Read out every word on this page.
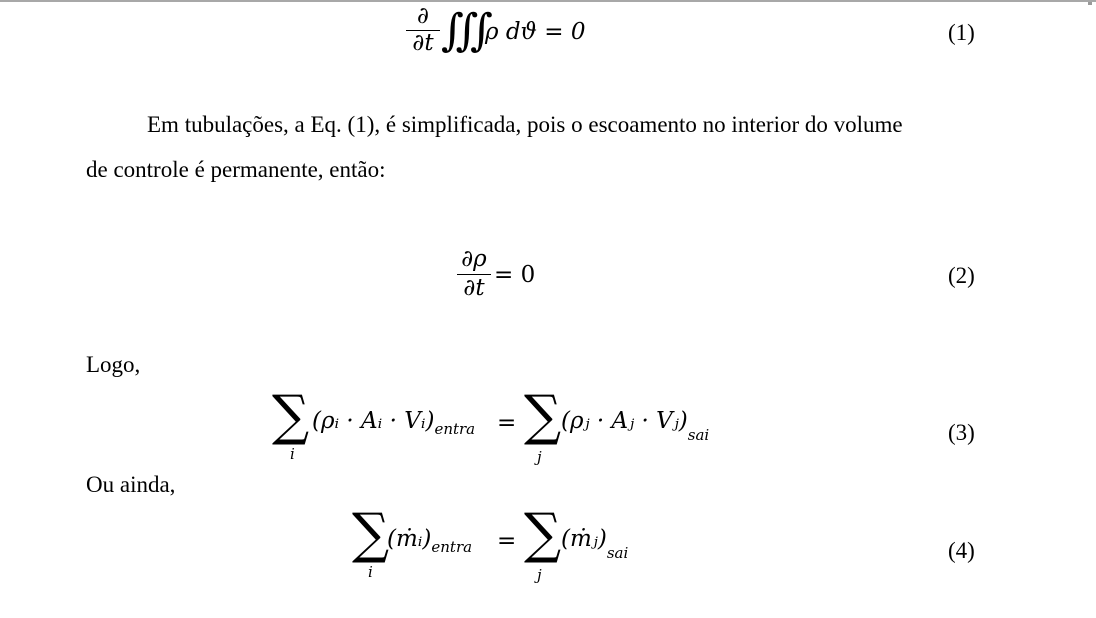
∂
∂t ∭
ρ dϑ = 0	(1)
Em tubulações, a Eq. (1), é simplificada, pois o escoamento no interior do volume
de controle é permanente, então:
∂ρ
∂t
= 0	(2)
Logo,
∑
i
(ρᵢ · Aᵢ · $Vᵢ)_{entra}$ = ∑
j
(ρⱼ · Aⱼ · $Vⱼ)_{sai}$	(3)
Ou ainda,
∑
i
$(ṁᵢ)_{entra}$ = ∑
j
$(ṁⱼ)_{sai}$	(4)
